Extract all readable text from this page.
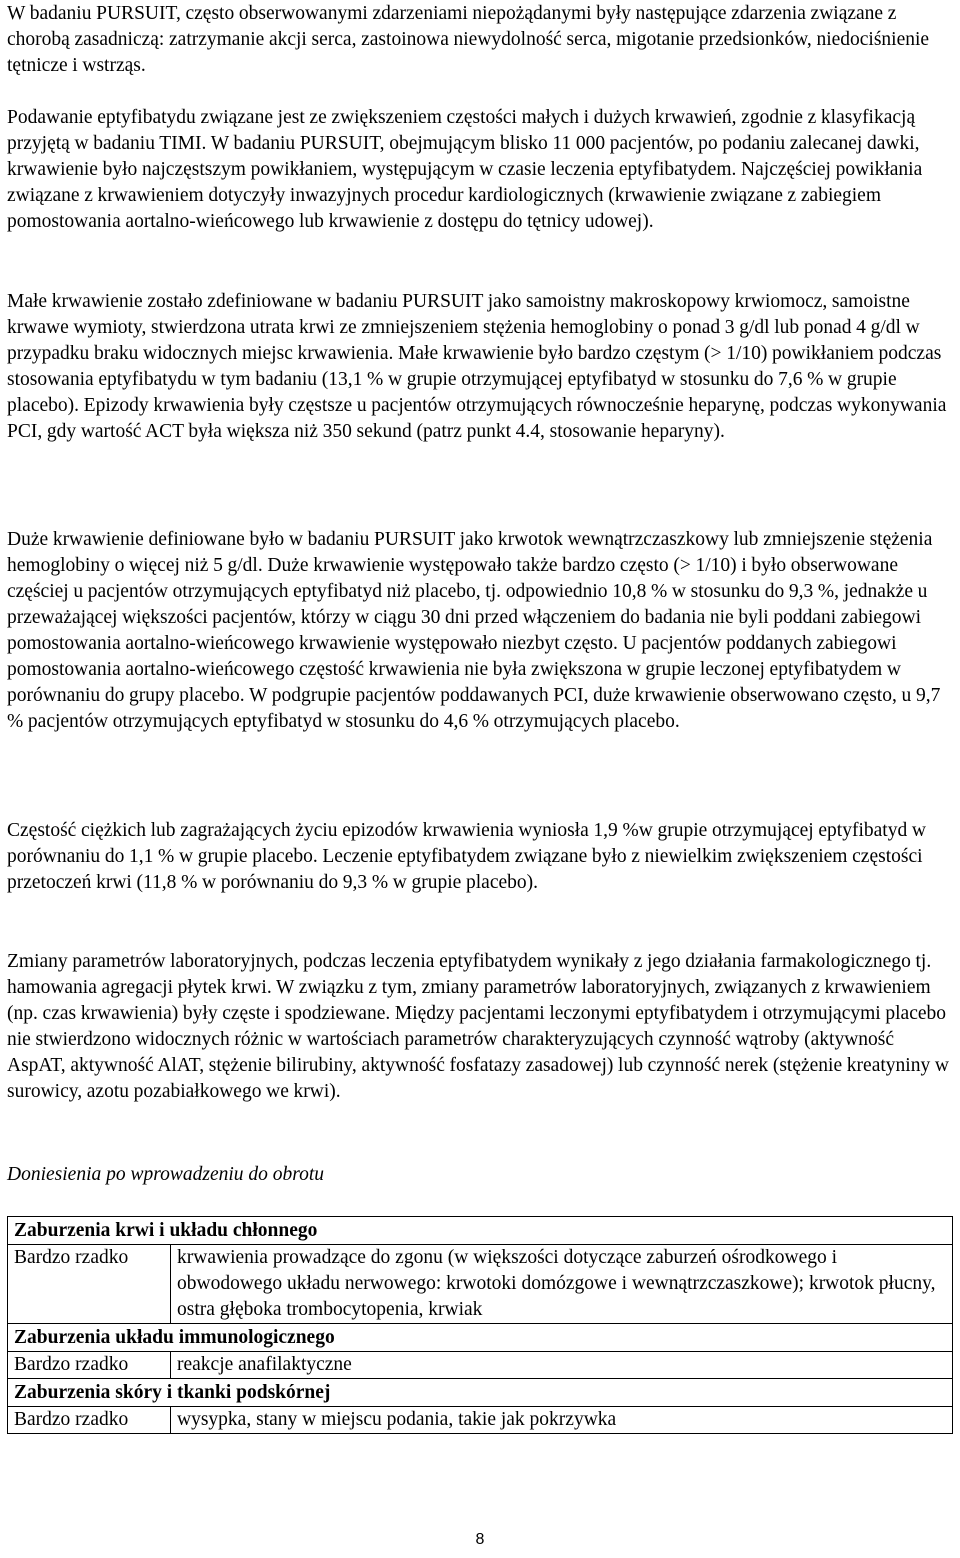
W badaniu PURSUIT, często obserwowanymi zdarzeniami niepożądanymi były następujące zdarzenia związane z chorobą zasadniczą: zatrzymanie akcji serca, zastoinowa niewydolność serca, migotanie przedsionków, niedociśnienie tętnicze i wstrząs.

Podawanie eptyfibatydu związane jest ze zwiększeniem częstości małych i dużych krwawień, zgodnie z klasyfikacją przyjętą w badaniu TIMI. W badaniu PURSUIT, obejmującym blisko 11 000 pacjentów, po podaniu zalecanej dawki, krwawienie było najczęstszym powikłaniem, występującym w czasie leczenia eptyfibatydem. Najczęściej powikłania związane z krwawieniem dotyczyły inwazyjnych procedur kardiologicznych (krwawienie związane z zabiegiem pomostowania aortalno-wieńcowego lub krwawienie z dostępu do tętnicy udowej).

Małe krwawienie zostało zdefiniowane w badaniu PURSUIT jako samoistny makroskopowy krwiomocz, samoistne krwawe wymioty, stwierdzona utrata krwi ze zmniejszeniem stężenia hemoglobiny o ponad 3 g/dl lub ponad 4 g/dl w przypadku braku widocznych miejsc krwawienia. Małe krwawienie było bardzo częstym (> 1/10) powikłaniem podczas stosowania eptyfibatydu w tym badaniu (13,1 % w grupie otrzymującej eptyfibatyd w stosunku do 7,6 % w grupie placebo). Epizody krwawienia były częstsze u pacjentów otrzymujących równocześnie heparynę, podczas wykonywania PCI, gdy wartość ACT była większa niż 350 sekund (patrz punkt 4.4, stosowanie heparyny).

Duże krwawienie definiowane było w badaniu PURSUIT jako krwotok wewnątrzczaszkowy lub zmniejszenie stężenia hemoglobiny o więcej niż 5 g/dl. Duże krwawienie występowało także bardzo często (> 1/10) i było obserwowane częściej u pacjentów otrzymujących eptyfibatyd niż placebo, tj. odpowiednio 10,8 % w stosunku do 9,3 %, jednakże u przeważającej większości pacjentów, którzy w ciągu 30 dni przed włączeniem do badania nie byli poddani zabiegowi pomostowania aortalno-wieńcowego krwawienie występowało niezbyt często. U pacjentów poddanych zabiegowi pomostowania aortalno-wieńcowego częstość krwawienia nie była zwiększona w grupie leczonej eptyfibatydem w porównaniu do grupy placebo. W podgrupie pacjentów poddawanych PCI, duże krwawienie obserwowano często, u 9,7 % pacjentów otrzymujących eptyfibatyd w stosunku do 4,6 % otrzymujących placebo.

Częstość ciężkich lub zagrażających życiu epizodów krwawienia wyniosła 1,9 %w grupie otrzymującej eptyfibatyd w porównaniu do 1,1 % w grupie placebo. Leczenie eptyfibatydem związane było z niewielkim zwiększeniem częstości przetoczeń krwi (11,8 % w porównaniu do 9,3 % w grupie placebo).

Zmiany parametrów laboratoryjnych, podczas leczenia eptyfibatydem wynikały z jego działania farmakologicznego tj. hamowania agregacji płytek krwi. W związku z tym, zmiany parametrów laboratoryjnych, związanych z krwawieniem (np. czas krwawienia) były częste i spodziewane. Między pacjentami leczonymi eptyfibatydem i otrzymującymi placebo nie stwierdzono widocznych różnic w wartościach parametrów charakteryzujących czynność wątroby (aktywność AspAT, aktywność AlAT, stężenie bilirubiny, aktywność fosfatazy zasadowej) lub czynność nerek (stężenie kreatyniny w surowicy, azotu pozabiałkowego we krwi).

Doniesienia po wprowadzeniu do obrotu
Zaburzenia krwi i układu chłonnego	
Bardzo rzadko	krwawienia prowadzące do zgonu (w większości dotyczące zaburzeń ośrodkowego i obwodowego układu nerwowego: krwotoki domózgowe i wewnątrzczaszkowe); krwotok płucny, ostra głęboka trombocytopenia, krwiak
Zaburzenia układu immunologicznego	
Bardzo rzadko	reakcje anafilaktyczne
Zaburzenia skóry i tkanki podskórnej	
Bardzo rzadko	wysypka, stany w miejscu podania, takie jak pokrzywka
8
